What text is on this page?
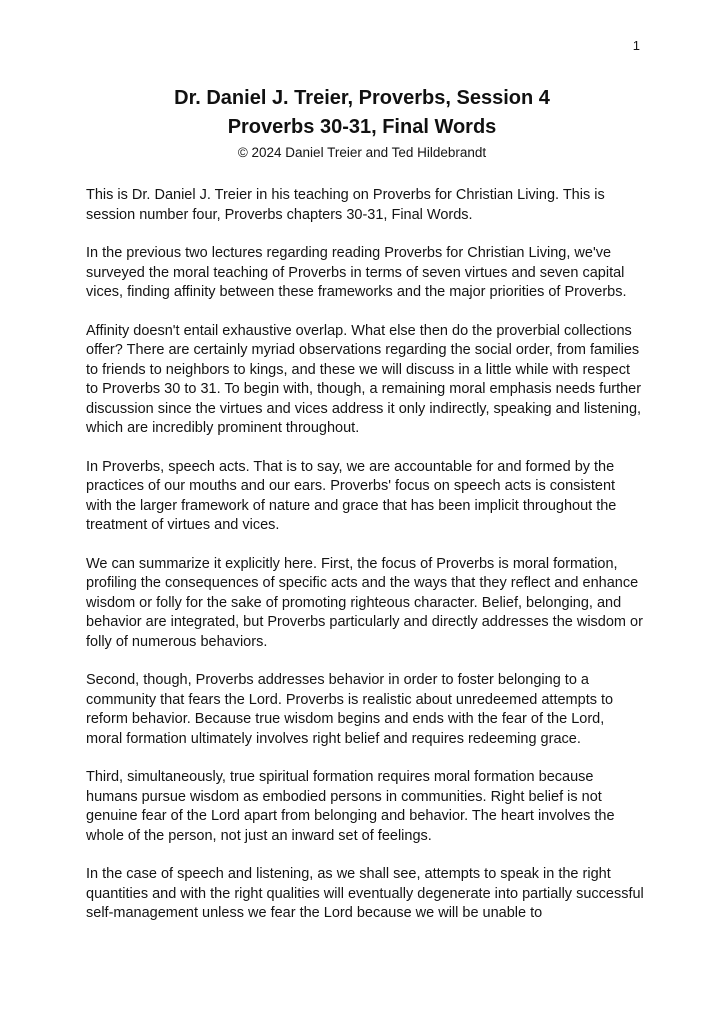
1
Dr. Daniel J. Treier, Proverbs, Session 4
Proverbs 30-31, Final Words
© 2024 Daniel Treier and Ted Hildebrandt

This is Dr. Daniel J. Treier in his teaching on Proverbs for Christian Living. This is session number four, Proverbs chapters 30-31, Final Words.

In the previous two lectures regarding reading Proverbs for Christian Living, we've surveyed the moral teaching of Proverbs in terms of seven virtues and seven capital vices, finding affinity between these frameworks and the major priorities of Proverbs.

Affinity doesn't entail exhaustive overlap. What else then do the proverbial collections offer? There are certainly myriad observations regarding the social order, from families to friends to neighbors to kings, and these we will discuss in a little while with respect to Proverbs 30 to 31. To begin with, though, a remaining moral emphasis needs further discussion since the virtues and vices address it only indirectly, speaking and listening, which are incredibly prominent throughout.

In Proverbs, speech acts. That is to say, we are accountable for and formed by the practices of our mouths and our ears. Proverbs' focus on speech acts is consistent with the larger framework of nature and grace that has been implicit throughout the treatment of virtues and vices.

We can summarize it explicitly here. First, the focus of Proverbs is moral formation, profiling the consequences of specific acts and the ways that they reflect and enhance wisdom or folly for the sake of promoting righteous character. Belief, belonging, and behavior are integrated, but Proverbs particularly and directly addresses the wisdom or folly of numerous behaviors.

Second, though, Proverbs addresses behavior in order to foster belonging to a community that fears the Lord. Proverbs is realistic about unredeemed attempts to reform behavior. Because true wisdom begins and ends with the fear of the Lord, moral formation ultimately involves right belief and requires redeeming grace.

Third, simultaneously, true spiritual formation requires moral formation because humans pursue wisdom as embodied persons in communities. Right belief is not genuine fear of the Lord apart from belonging and behavior. The heart involves the whole of the person, not just an inward set of feelings.

In the case of speech and listening, as we shall see, attempts to speak in the right quantities and with the right qualities will eventually degenerate into partially successful self-management unless we fear the Lord because we will be unable to
